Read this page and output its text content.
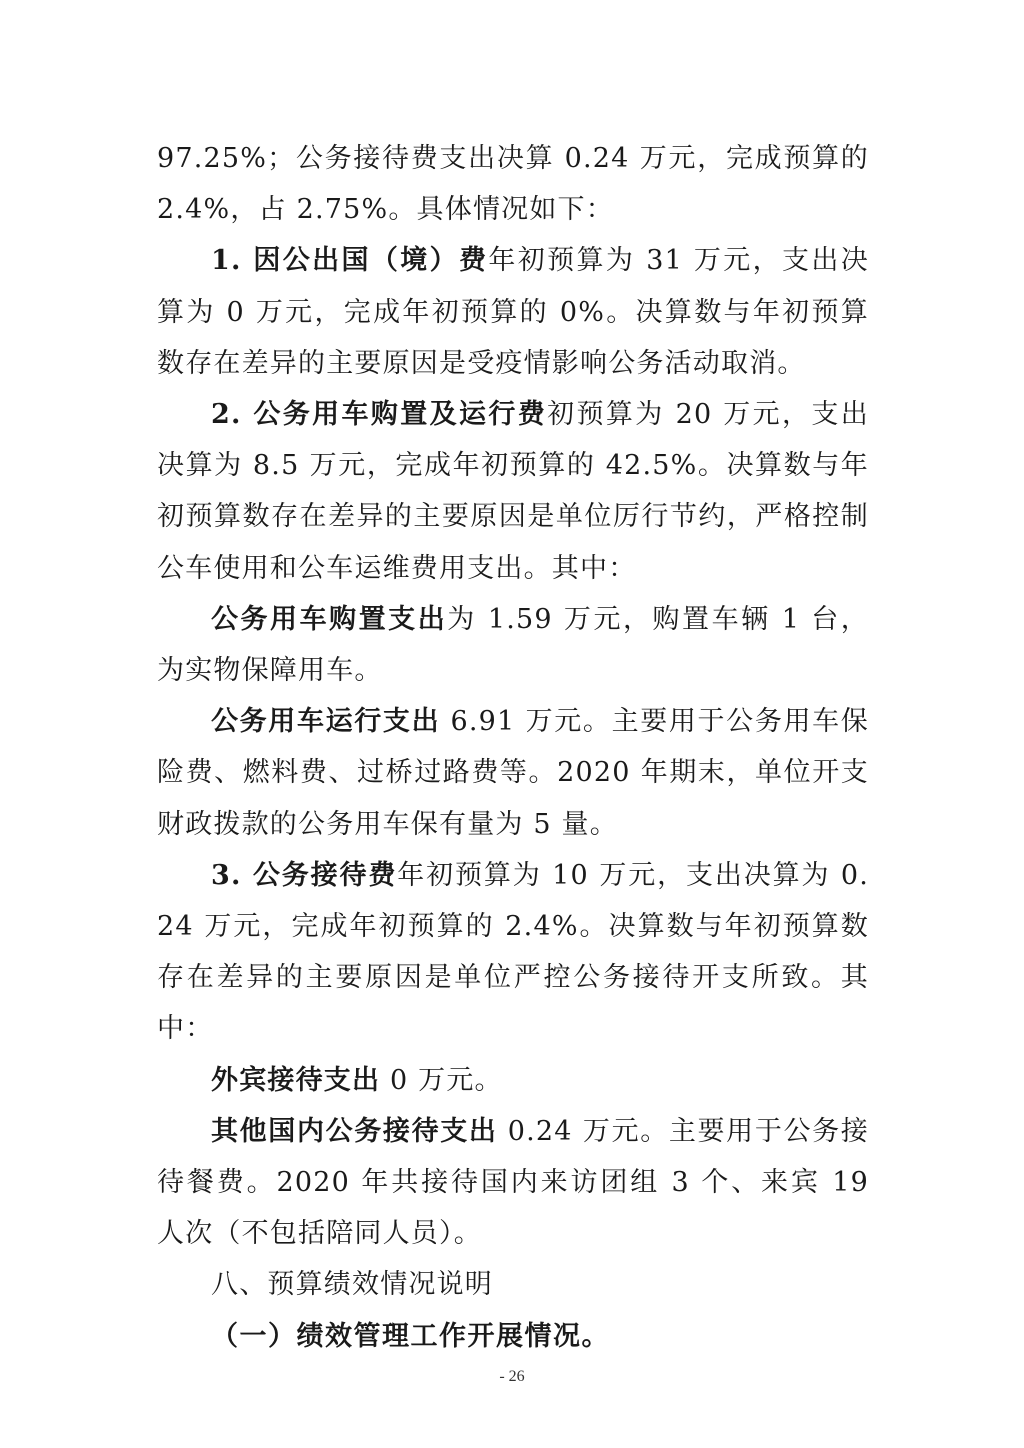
97.25%；公务接待费支出决算 0.24 万元，完成预算的 2.4%，占 2.75%。具体情况如下：

1. 因公出国（境）费年初预算为 31 万元，支出决算为 0 万元，完成年初预算的 0%。决算数与年初预算数存在差异的主要原因是受疫情影响公务活动取消。

2. 公务用车购置及运行费初预算为 20 万元，支出决算为 8.5 万元，完成年初预算的 42.5%。决算数与年初预算数存在差异的主要原因是单位厉行节约，严格控制公车使用和公车运维费用支出。其中：

公务用车购置支出为 1.59 万元，购置车辆 1 台，为实物保障用车。

公务用车运行支出 6.91 万元。主要用于公务用车保险费、燃料费、过桥过路费等。2020 年期末，单位开支财政拨款的公务用车保有量为 5 量。

3. 公务接待费年初预算为 10 万元，支出决算为 0.24 万元，完成年初预算的 2.4%。决算数与年初预算数存在差异的主要原因是单位严控公务接待开支所致。其中：

外宾接待支出 0 万元。

其他国内公务接待支出 0.24 万元。主要用于公务接待餐费。2020 年共接待国内来访团组 3 个、来宾 19 人次（不包括陪同人员）。

八、预算绩效情况说明

（一）绩效管理工作开展情况。

- 26
